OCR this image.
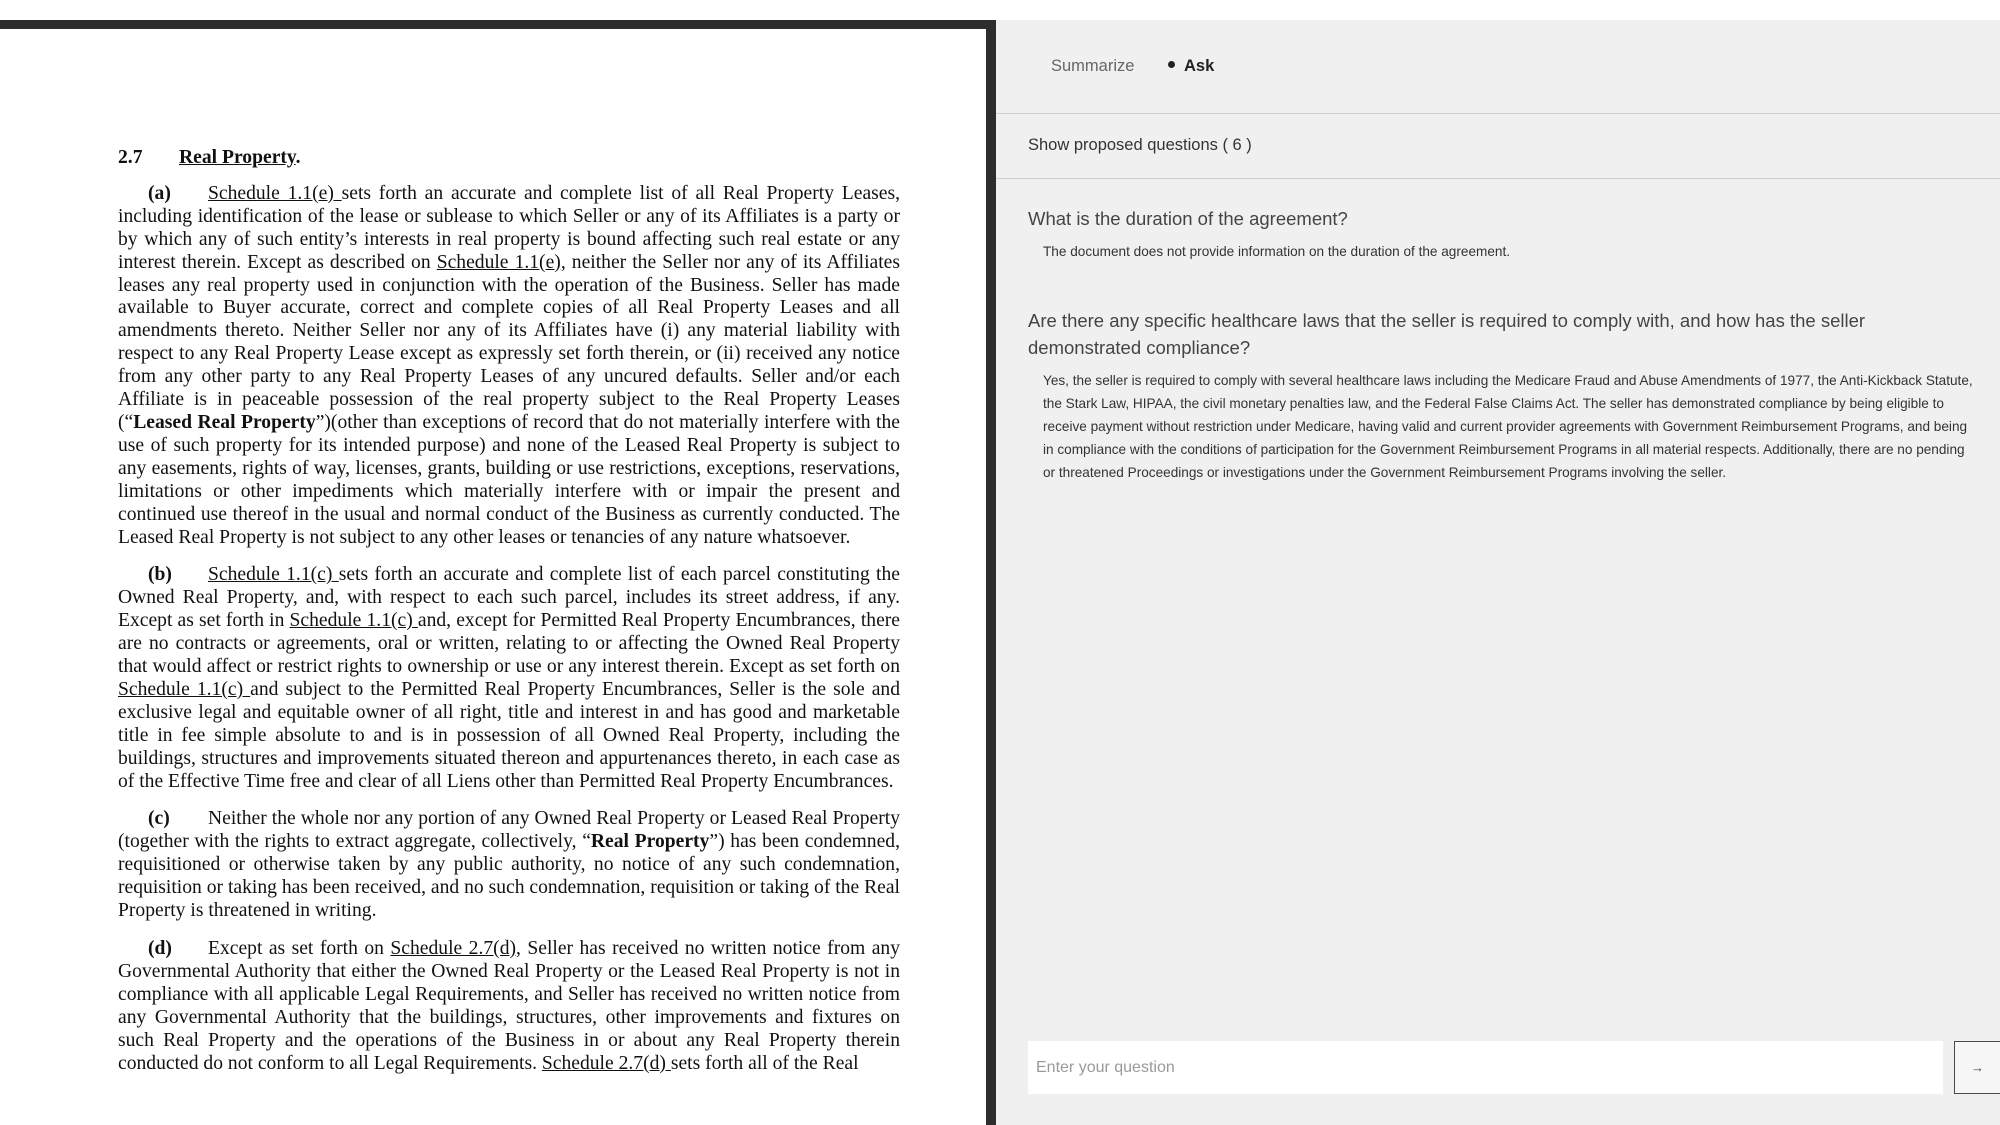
2.7 Real Property.

(a) Schedule 1.1(e) sets forth an accurate and complete list of all Real Property Leases, including identification of the lease or sublease to which Seller or any of its Affiliates is a party or by which any of such entity’s interests in real property is bound affecting such real estate or any interest therein. Except as described on Schedule 1.1(e), neither the Seller nor any of its Affiliates leases any real property used in conjunction with the operation of the Business. Seller has made available to Buyer accurate, correct and complete copies of all Real Property Leases and all amendments thereto. Neither Seller nor any of its Affiliates have (i) any material liability with respect to any Real Property Lease except as expressly set forth therein, or (ii) received any notice from any other party to any Real Property Leases of any uncured defaults. Seller and/or each Affiliate is in peaceable possession of the real property subject to the Real Property Leases (“Leased Real Property”)(other than exceptions of record that do not materially interfere with the use of such property for its intended purpose) and none of the Leased Real Property is subject to any easements, rights of way, licenses, grants, building or use restrictions, exceptions, reservations, limitations or other impediments which materially interfere with or impair the present and continued use thereof in the usual and normal conduct of the Business as currently conducted. The Leased Real Property is not subject to any other leases or tenancies of any nature whatsoever.

(b) Schedule 1.1(c) sets forth an accurate and complete list of each parcel constituting the Owned Real Property, and, with respect to each such parcel, includes its street address, if any. Except as set forth in Schedule 1.1(c) and, except for Permitted Real Property Encumbrances, there are no contracts or agreements, oral or written, relating to or affecting the Owned Real Property that would affect or restrict rights to ownership or use or any interest therein. Except as set forth on Schedule 1.1(c) and subject to the Permitted Real Property Encumbrances, Seller is the sole and exclusive legal and equitable owner of all right, title and interest in and has good and marketable title in fee simple absolute to and is in possession of all Owned Real Property, including the buildings, structures and improvements situated thereon and appurtenances thereto, in each case as of the Effective Time free and clear of all Liens other than Permitted Real Property Encumbrances.

(c) Neither the whole nor any portion of any Owned Real Property or Leased Real Property (together with the rights to extract aggregate, collectively, “Real Property”) has been condemned, requisitioned or otherwise taken by any public authority, no notice of any such condemnation, requisition or taking has been received, and no such condemnation, requisition or taking of the Real Property is threatened in writing.

(d) Except as set forth on Schedule 2.7(d), Seller has received no written notice from any Governmental Authority that either the Owned Real Property or the Leased Real Property is not in compliance with all applicable Legal Requirements, and Seller has received no written notice from any Governmental Authority that the buildings, structures, other improvements and fixtures on such Real Property and the operations of the Business in or about any Real Property therein conducted do not conform to all Legal Requirements. Schedule 2.7(d) sets forth all of the Real

Summarize	Ask
Show proposed questions ( 6 )

What is the duration of the agreement?

The document does not provide information on the duration of the agreement.

Are there any specific healthcare laws that the seller is required to comply with, and how has the seller demonstrated compliance?

Yes, the seller is required to comply with several healthcare laws including the Medicare Fraud and Abuse Amendments of 1977, the Anti-Kickback Statute, the Stark Law, HIPAA, the civil monetary penalties law, and the Federal False Claims Act. The seller has demonstrated compliance by being eligible to receive payment without restriction under Medicare, having valid and current provider agreements with Government Reimbursement Programs, and being in compliance with the conditions of participation for the Government Reimbursement Programs in all material respects. Additionally, there are no pending or threatened Proceedings or investigations under the Government Reimbursement Programs involving the seller.

Enter your question
→
